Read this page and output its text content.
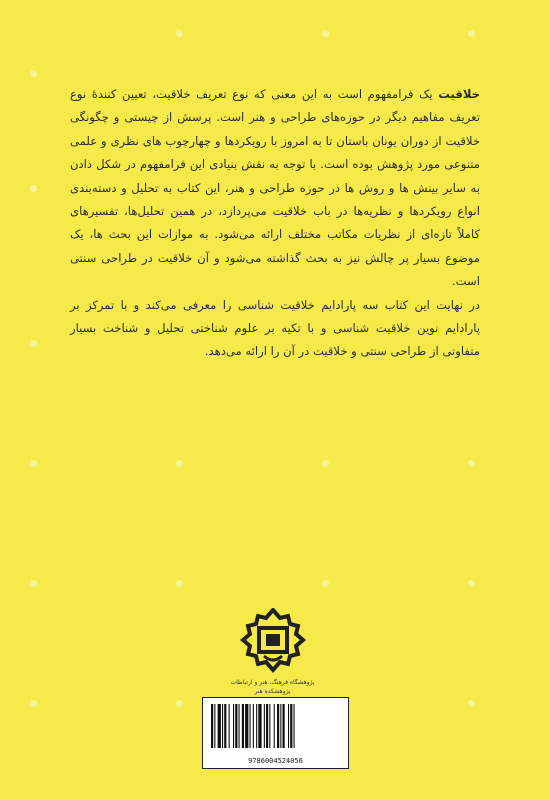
خلاقیت یک فرامفهوم است به این معنی که نوع تعریف خلاقیت، تعیین کنندهٔ نوع تعریف مفاهیم دیگر در حوزه‌های طراحی و هنر است. پرسش از چیستی و چگونگی خلاقیت از دوران یونان باستان تا به امروز با رویکردها و چهارچوب های نظری و علمی متنوعی مورد پژوهش بوده است. با توجه به نقش بنیادی این فرامفهوم در شکل دادن به سایر بینش ها و روش ها در حوزه طراحی و هنر، این کتاب به تحلیل و دسته‌بندی انواع رویکردها و نظریه‌ها در باب خلاقیت می‌پردازد، در همین تحلیل‌ها، تفسیرهای کاملاً تازه‌ای از نظریات مکاتب مختلف ارائه می‌شود. به موازات این بحث ها، یک موضوع بسیار پر چالش نیز به بحث گذاشته می‌شود و آن خلاقیت در طراحی سنتی است.

در نهایت این کتاب سه پارادایم خلاقیت شناسی را معرفی می‌کند و با تمرکز بر پارادایم نوین خلاقیت شناسی و با تکیه بر علوم شناختی تحلیل و شناخت بسیار متفاوتی از طراحی سنتی و خلاقیت در آن را ارائه می‌دهد.

پژوهشگاه فرهنگ، هنر و ارتباطات
پژوهشکده هنر
9786004524056
